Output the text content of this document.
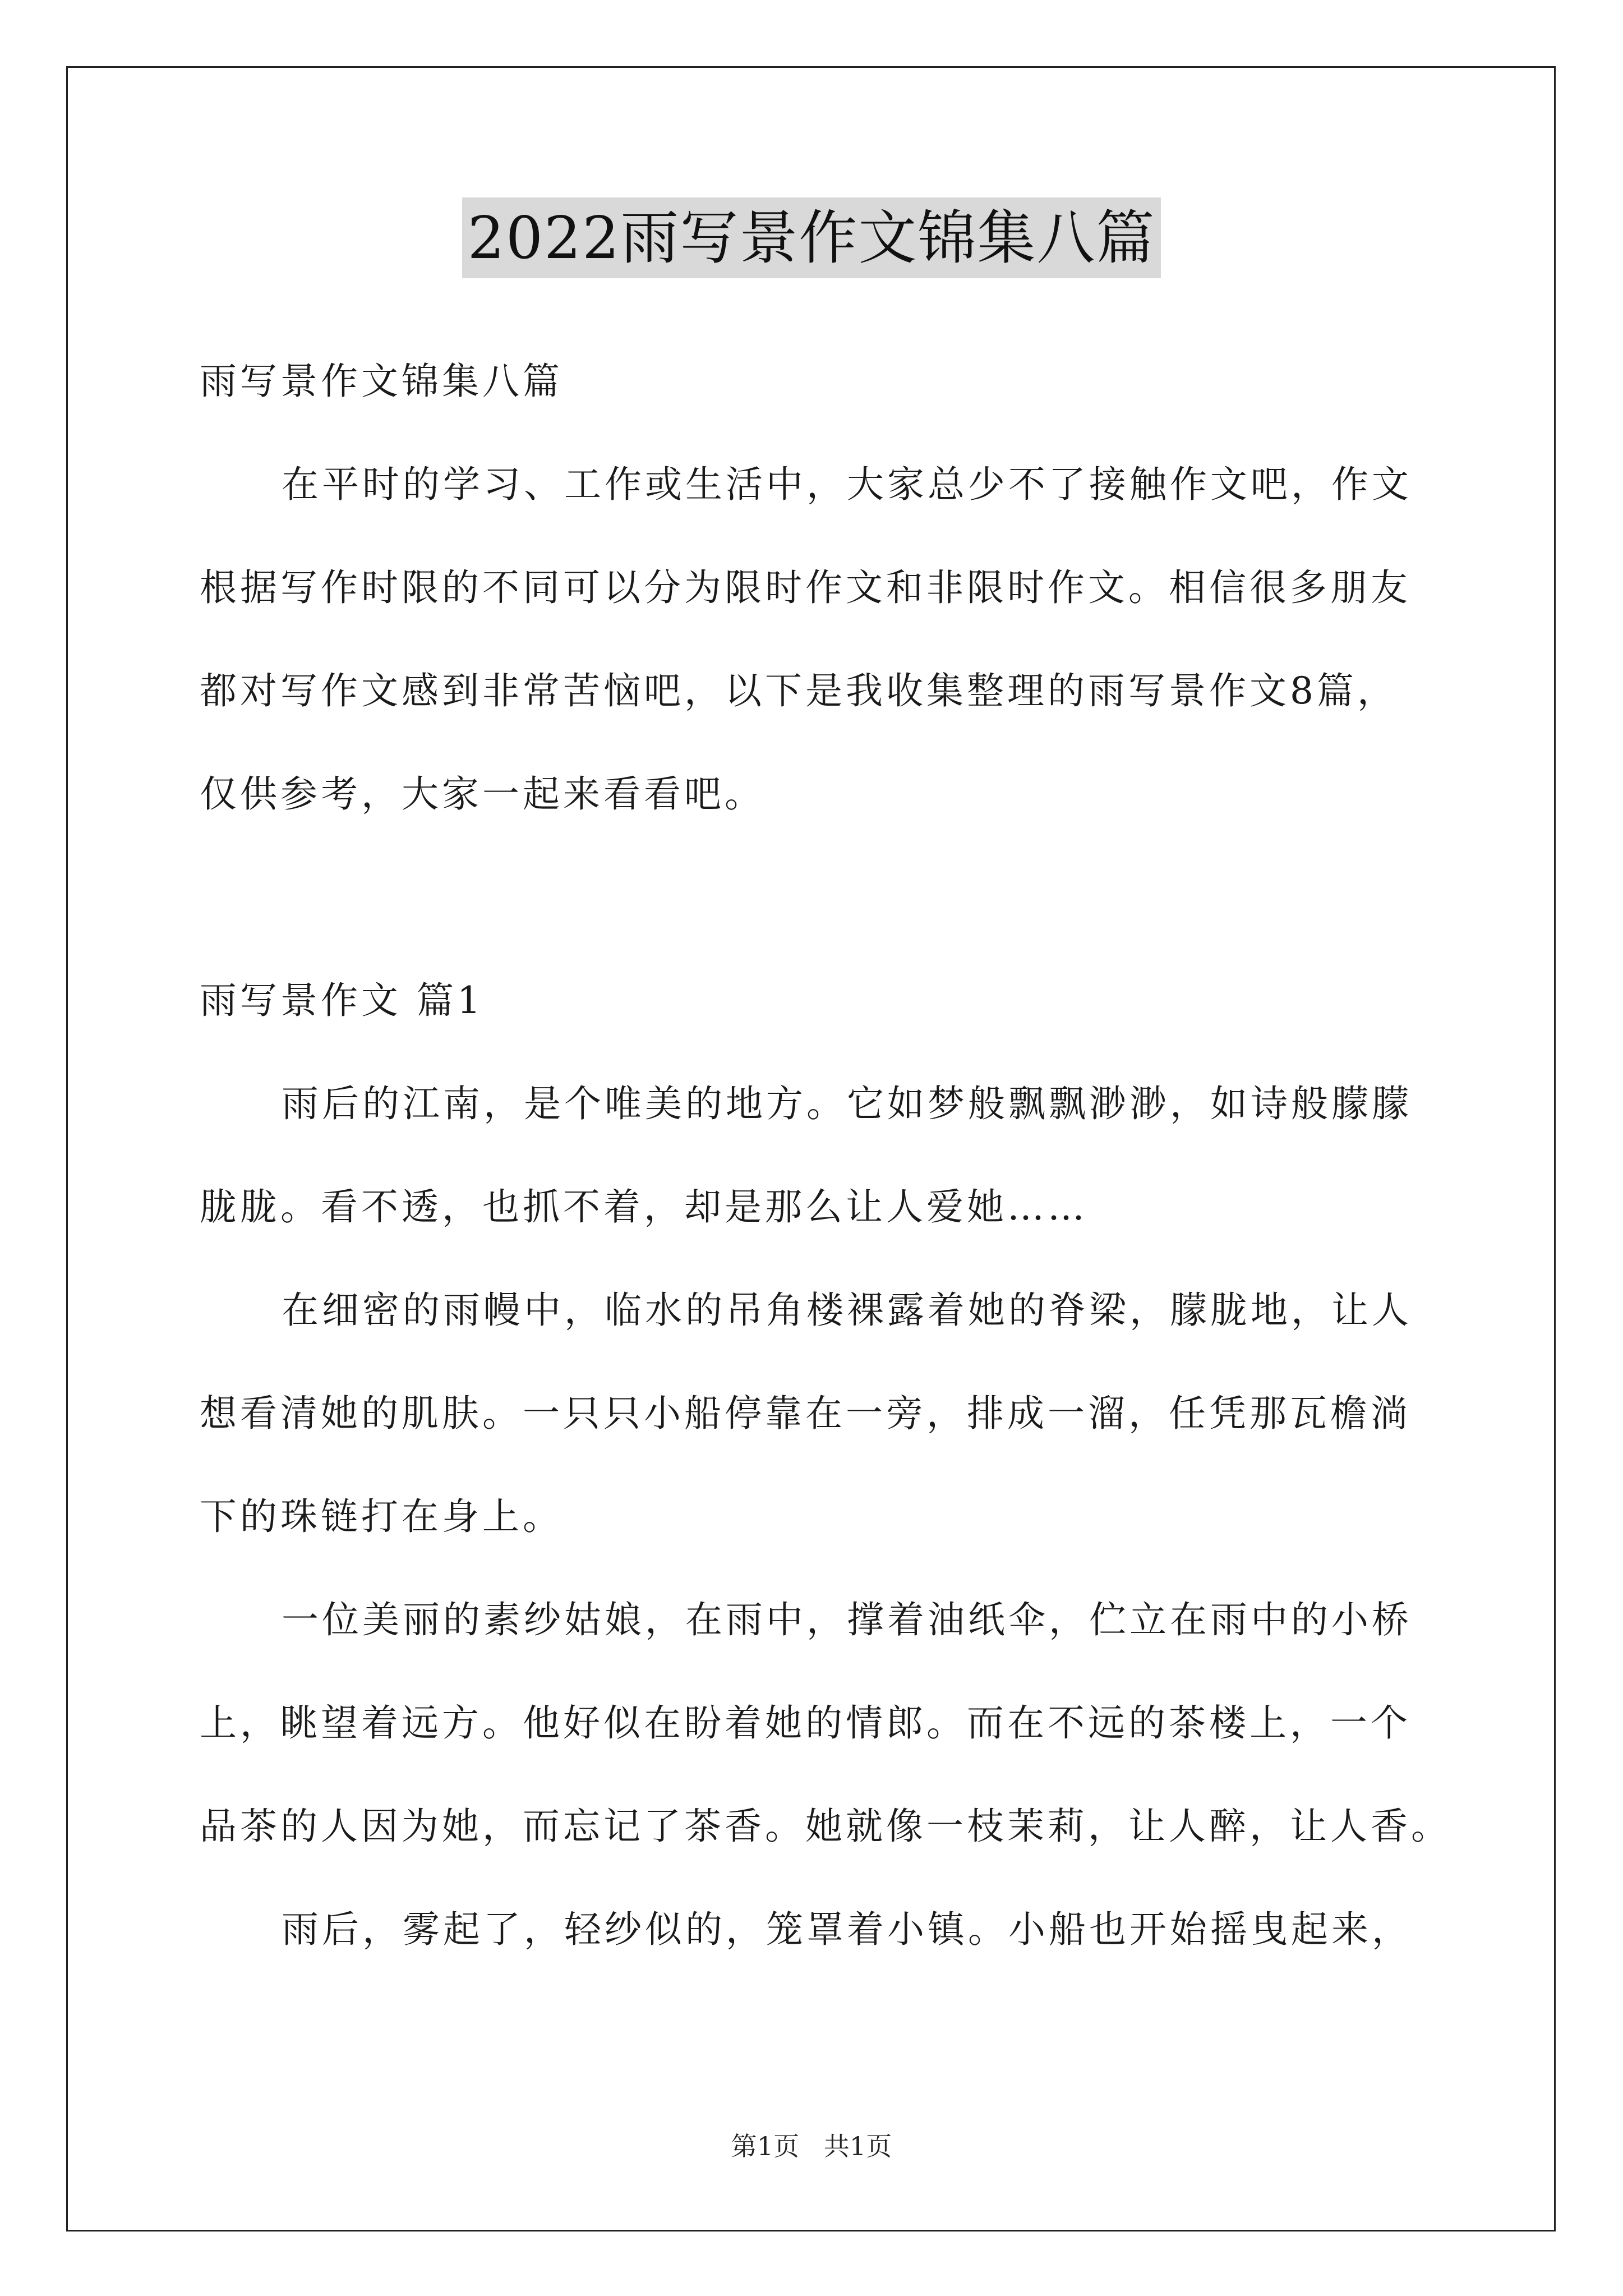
2022雨写景作文锦集八篇
雨写景作文锦集八篇
在平时的学习、工作或生活中，大家总少不了接触作文吧，作文
根据写作时限的不同可以分为限时作文和非限时作文。相信很多朋友
都对写作文感到非常苦恼吧，以下是我收集整理的雨写景作文8篇，
仅供参考，大家一起来看看吧。
雨写景作文 篇1
雨后的江南，是个唯美的地方。它如梦般飘飘渺渺，如诗般朦朦
胧胧。看不透，也抓不着，却是那么让人爱她……
在细密的雨幔中，临水的吊角楼裸露着她的脊梁，朦胧地，让人
想看清她的肌肤。一只只小船停靠在一旁，排成一溜，任凭那瓦檐淌
下的珠链打在身上。
一位美丽的素纱姑娘，在雨中，撑着油纸伞，伫立在雨中的小桥
上，眺望着远方。他好似在盼着她的情郎。而在不远的茶楼上，一个
品茶的人因为她，而忘记了茶香。她就像一枝茉莉，让人醉，让人香。
雨后，雾起了，轻纱似的，笼罩着小镇。小船也开始摇曳起来，
第1页   共1页
